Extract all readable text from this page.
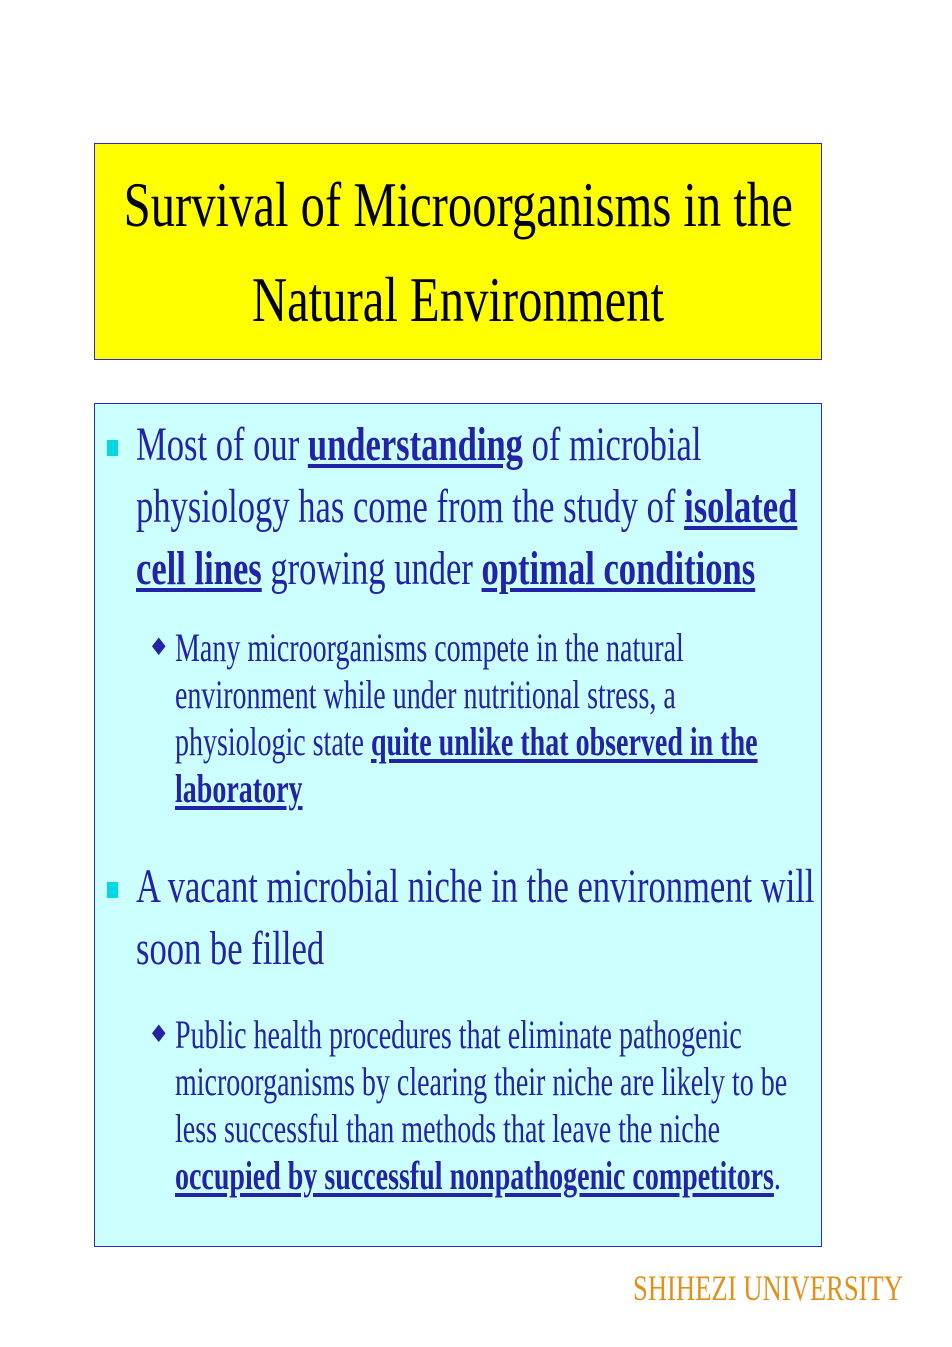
Survival of Microorganisms in the
Natural Environment
Most of our understanding of microbial
physiology has come from the study of isolated
cell lines growing under optimal conditions
♦ Many microorganisms compete in the natural
environment while under nutritional stress, a
physiologic state quite unlike that observed in the
laboratory
A vacant microbial niche in the environment will
soon be filled
♦ Public health procedures that eliminate pathogenic
microorganisms by clearing their niche are likely to be
less successful than methods that leave the niche
occupied by successful nonpathogenic competitors.
SHIHEZI UNIVERSITY
